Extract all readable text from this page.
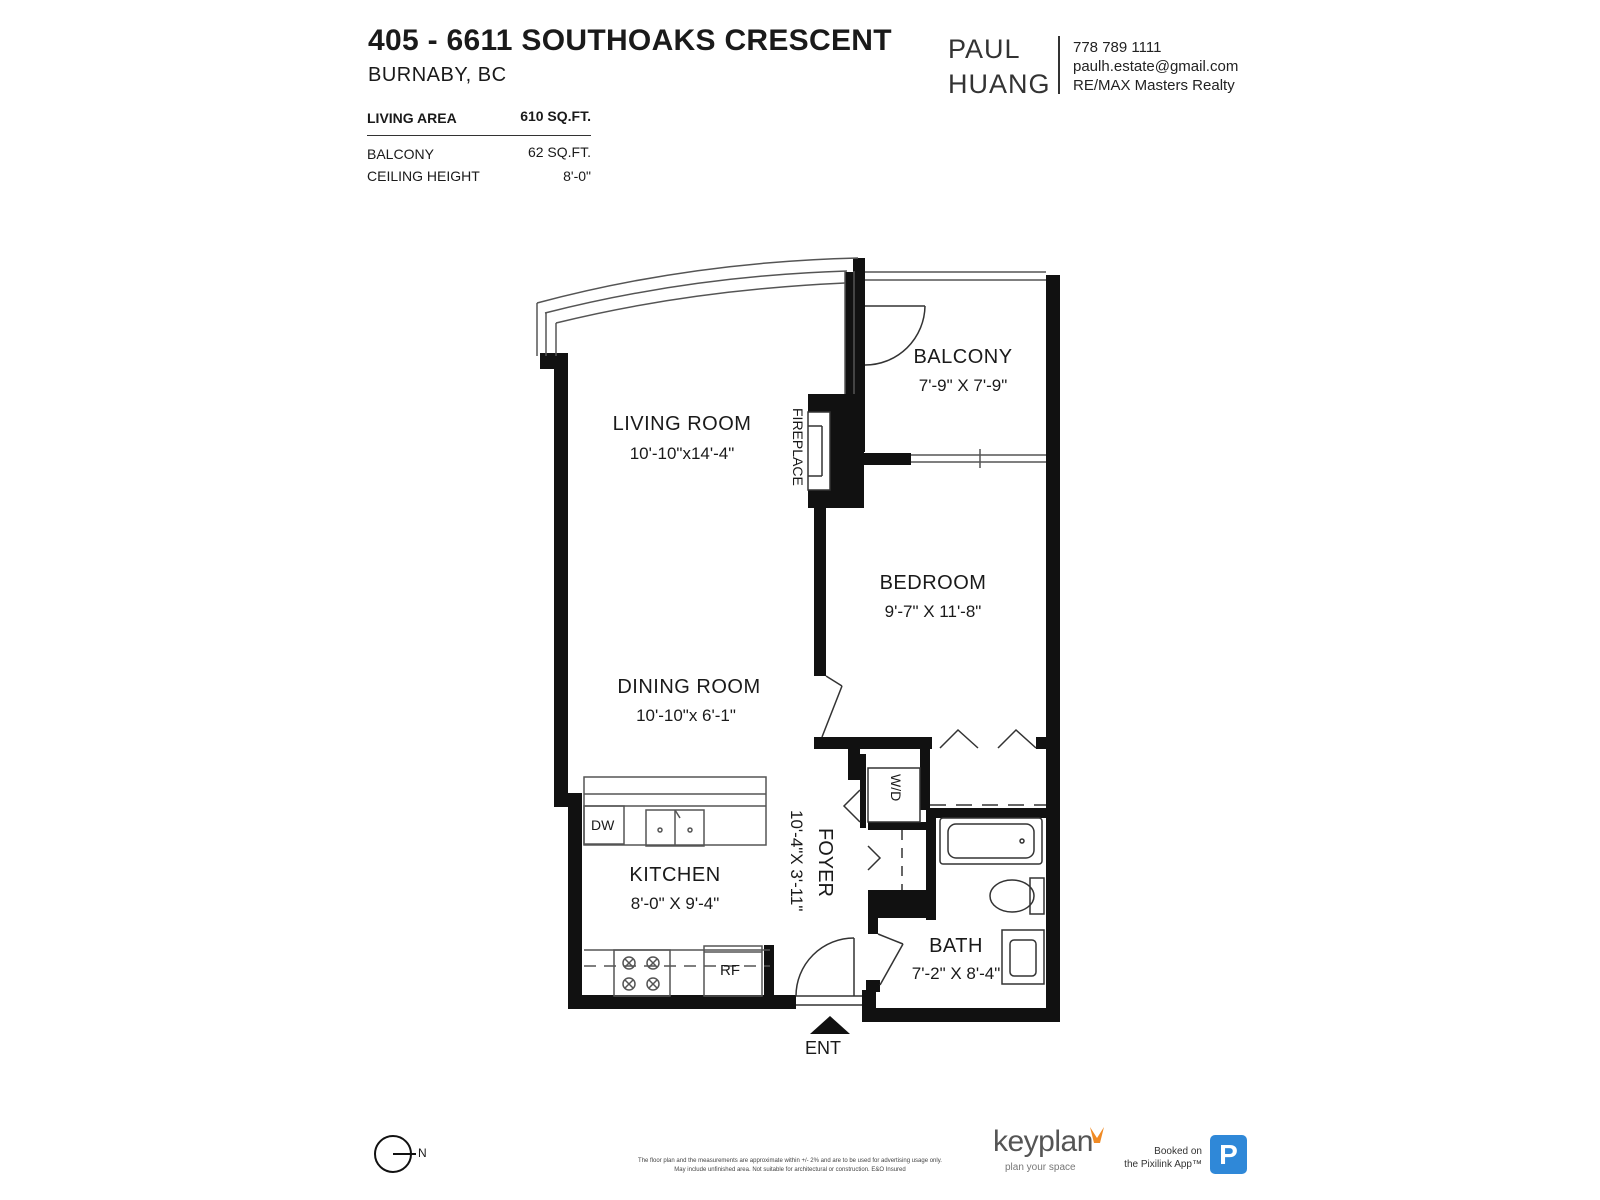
405 - 6611 SOUTHOAKS CRESCENT
BURNABY, BC
LIVING AREA	610 SQ.FT.
BALCONY	62 SQ.FT.
CEILING HEIGHT	8'-0"
PAUL
HUANG
778 789 1111
paulh.estate@gmail.com
RE/MAX Masters Realty
LIVING ROOM
10'-10"x14'-4"
DINING ROOM
10'-10"x 6'-1"
KITCHEN
8'-0" X 9'-4"
BALCONY
7'-9" X 7'-9"
BEDROOM
9'-7" X 11'-8"
BATH
7'-2" X 8'-4"
FOYER
10'-4"X 3'-11"
FIREPLACE
W/D
DW
RF
ENT
N
The floor plan and the measurements are approximate within +/- 2% and are to be used for advertising usage only.
May include unfinished area. Not suitable for architectural or construction. E&O Insured
keyplan
plan your space
Booked on
the Pixilink App™ P
